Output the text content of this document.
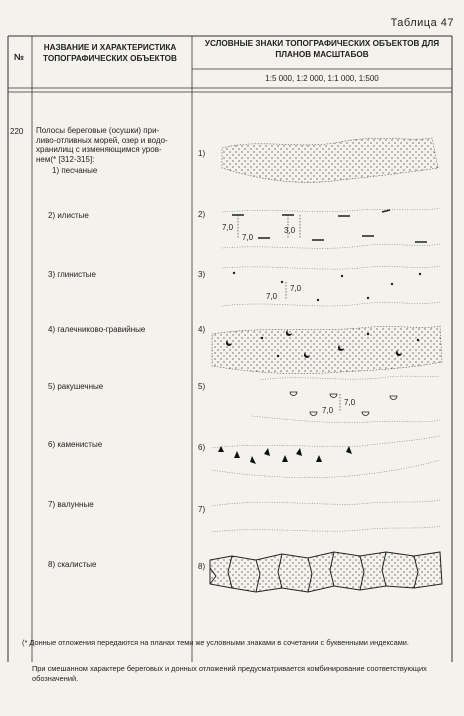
Таблица 47
№
НАЗВАНИЕ И ХАРАКТЕРИСТИКА ТОПОГРАФИЧЕСКИХ ОБЪЕКТОВ
УСЛОВНЫЕ ЗНАКИ ТОПОГРАФИЧЕСКИХ ОБЪЕКТОВ ДЛЯ ПЛАНОВ МАСШТАБОВ
1:5 000, 1:2 000, 1:1 000, 1:500
220 Полосы береговые (осушки) при-
ливо-отливных морей, озер и водо-
хранилищ с изменяющимся уров-
нем(* [312-315]:
1) песчаные
2) илистые
3) глинистые
4) галечниково-гравийные
5) ракушечные
6) каменистые
7) валунные
8) скалистые
1)
2)
3)
4)
5)
6)
7)
8)
7,0
7,0
3,0
7,0
7,0
7,0
7,0
(* Донные отложения передаются на планах теми же условными знаками в сочетании с буквенными индексами.
При смешанном характере береговых и донных отложений предусматривается комбинирование соответствующих обозначений.
